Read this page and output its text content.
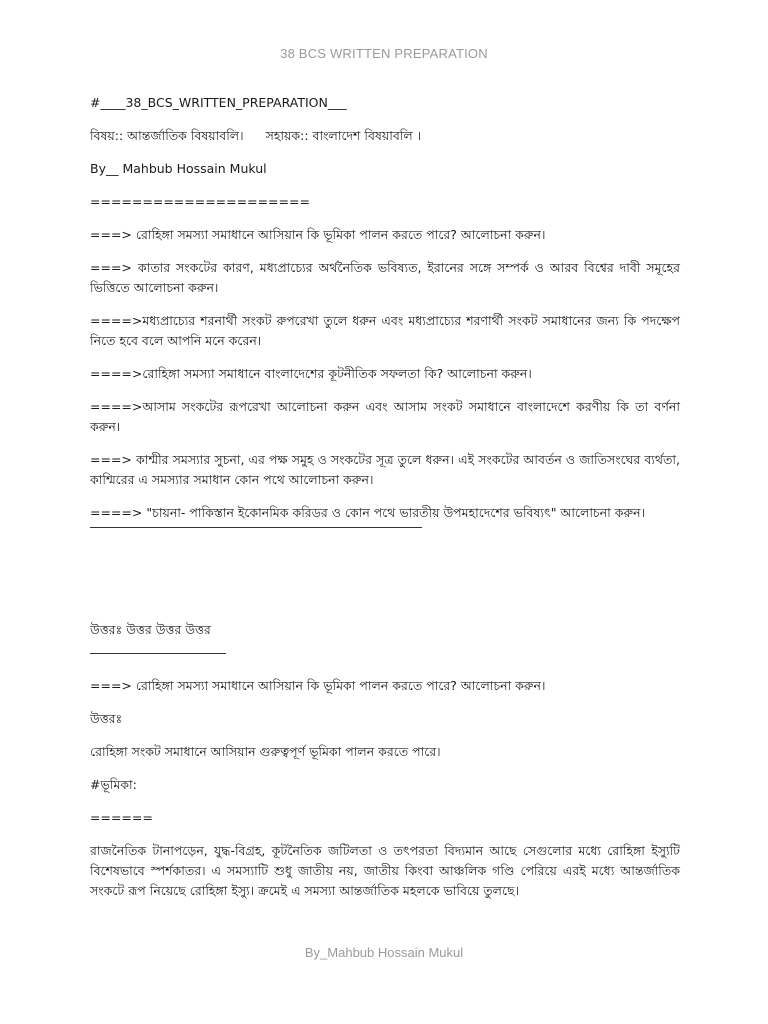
38 BCS WRITTEN PREPARATION
#____38_BCS_WRITTEN_PREPARATION___
বিষয়:: আন্তর্জাতিক বিষয়াবলি। সহায়ক:: বাংলাদেশ বিষয়াবলি ।
By__ Mahbub Hossain Mukul
=====================
===> রোহিঙ্গা সমস্যা সমাধানে আসিয়ান কি ভূমিকা পালন করতে পারে? আলোচনা করুন।
===> কাতার সংকটের কারণ, মধ্যপ্রাচ্যের অর্থনৈতিক ভবিষ্যত, ইরানের সঙ্গে সম্পর্ক ও আরব বিশ্বের দাবী সমূহের ভিত্তিতে আলোচনা করুন।
====>মধ্যপ্রাচ্যের শরনার্থী সংকট রুপরেখা তুলে ধরুন এবং মধ্যপ্রাচ্যের শরণার্থী সংকট সমাধানের জন্য কি পদক্ষেপ নিতে হবে বলে আপনি মনে করেন।
====>রোহিঙ্গা সমস্যা সমাধানে বাংলাদেশের কূটনীতিক সফলতা কি? আলোচনা করুন।
====>আসাম সংকটের রূপরেখা আলোচনা করুন এবং আসাম সংকট সমাধানে বাংলাদেশে করণীয় কি তা বর্ণনা করুন।
===> কাশ্মীর সমস্যার সুচনা, এর পক্ষ সমুহ ও সংকটের সূত্র তুলে ধরুন। এই সংকটের আবর্তন ও জাতিসংঘের ব্যর্থতা, কাশ্মিরের এ সমস্যার সমাধান কোন পথে আলোচনা করুন।
====> "চায়না- পাকিস্তান ইকোনমিক করিডর ও কোন পথে ভারতীয় উপমহাদেশের ভবিষ্যৎ" আলোচনা করুন।
উত্তরঃ উত্তর উত্তর উত্তর
===> রোহিঙ্গা সমস্যা সমাধানে আসিয়ান কি ভূমিকা পালন করতে পারে? আলোচনা করুন।
উত্তরঃ
রোহিঙ্গা সংকট সমাধানে আসিয়ান গুরুত্বপূর্ণ ভূমিকা পালন করতে পারে।
#ভূমিকা:
======
রাজনৈতিক টানাপড়েন, যুদ্ধ-বিগ্রহ, কূটনৈতিক জটিলতা ও তৎপরতা বিদ্যমান আছে সেগুলোর মধ্যে রোহিঙ্গা ইস্যুটি বিশেষভাবে স্পর্শকাতর। এ সমস্যাটি শুধু জাতীয় নয়, জাতীয় কিংবা আঞ্চলিক গণ্ডি পেরিয়ে এরই মধ্যে আন্তর্জাতিক সংকটে রূপ নিয়েছে রোহিঙ্গা ইস্যু। ক্রমেই এ সমস্যা আন্তর্জাতিক মহলকে ভাবিয়ে তুলছে।
By_Mahbub Hossain Mukul
